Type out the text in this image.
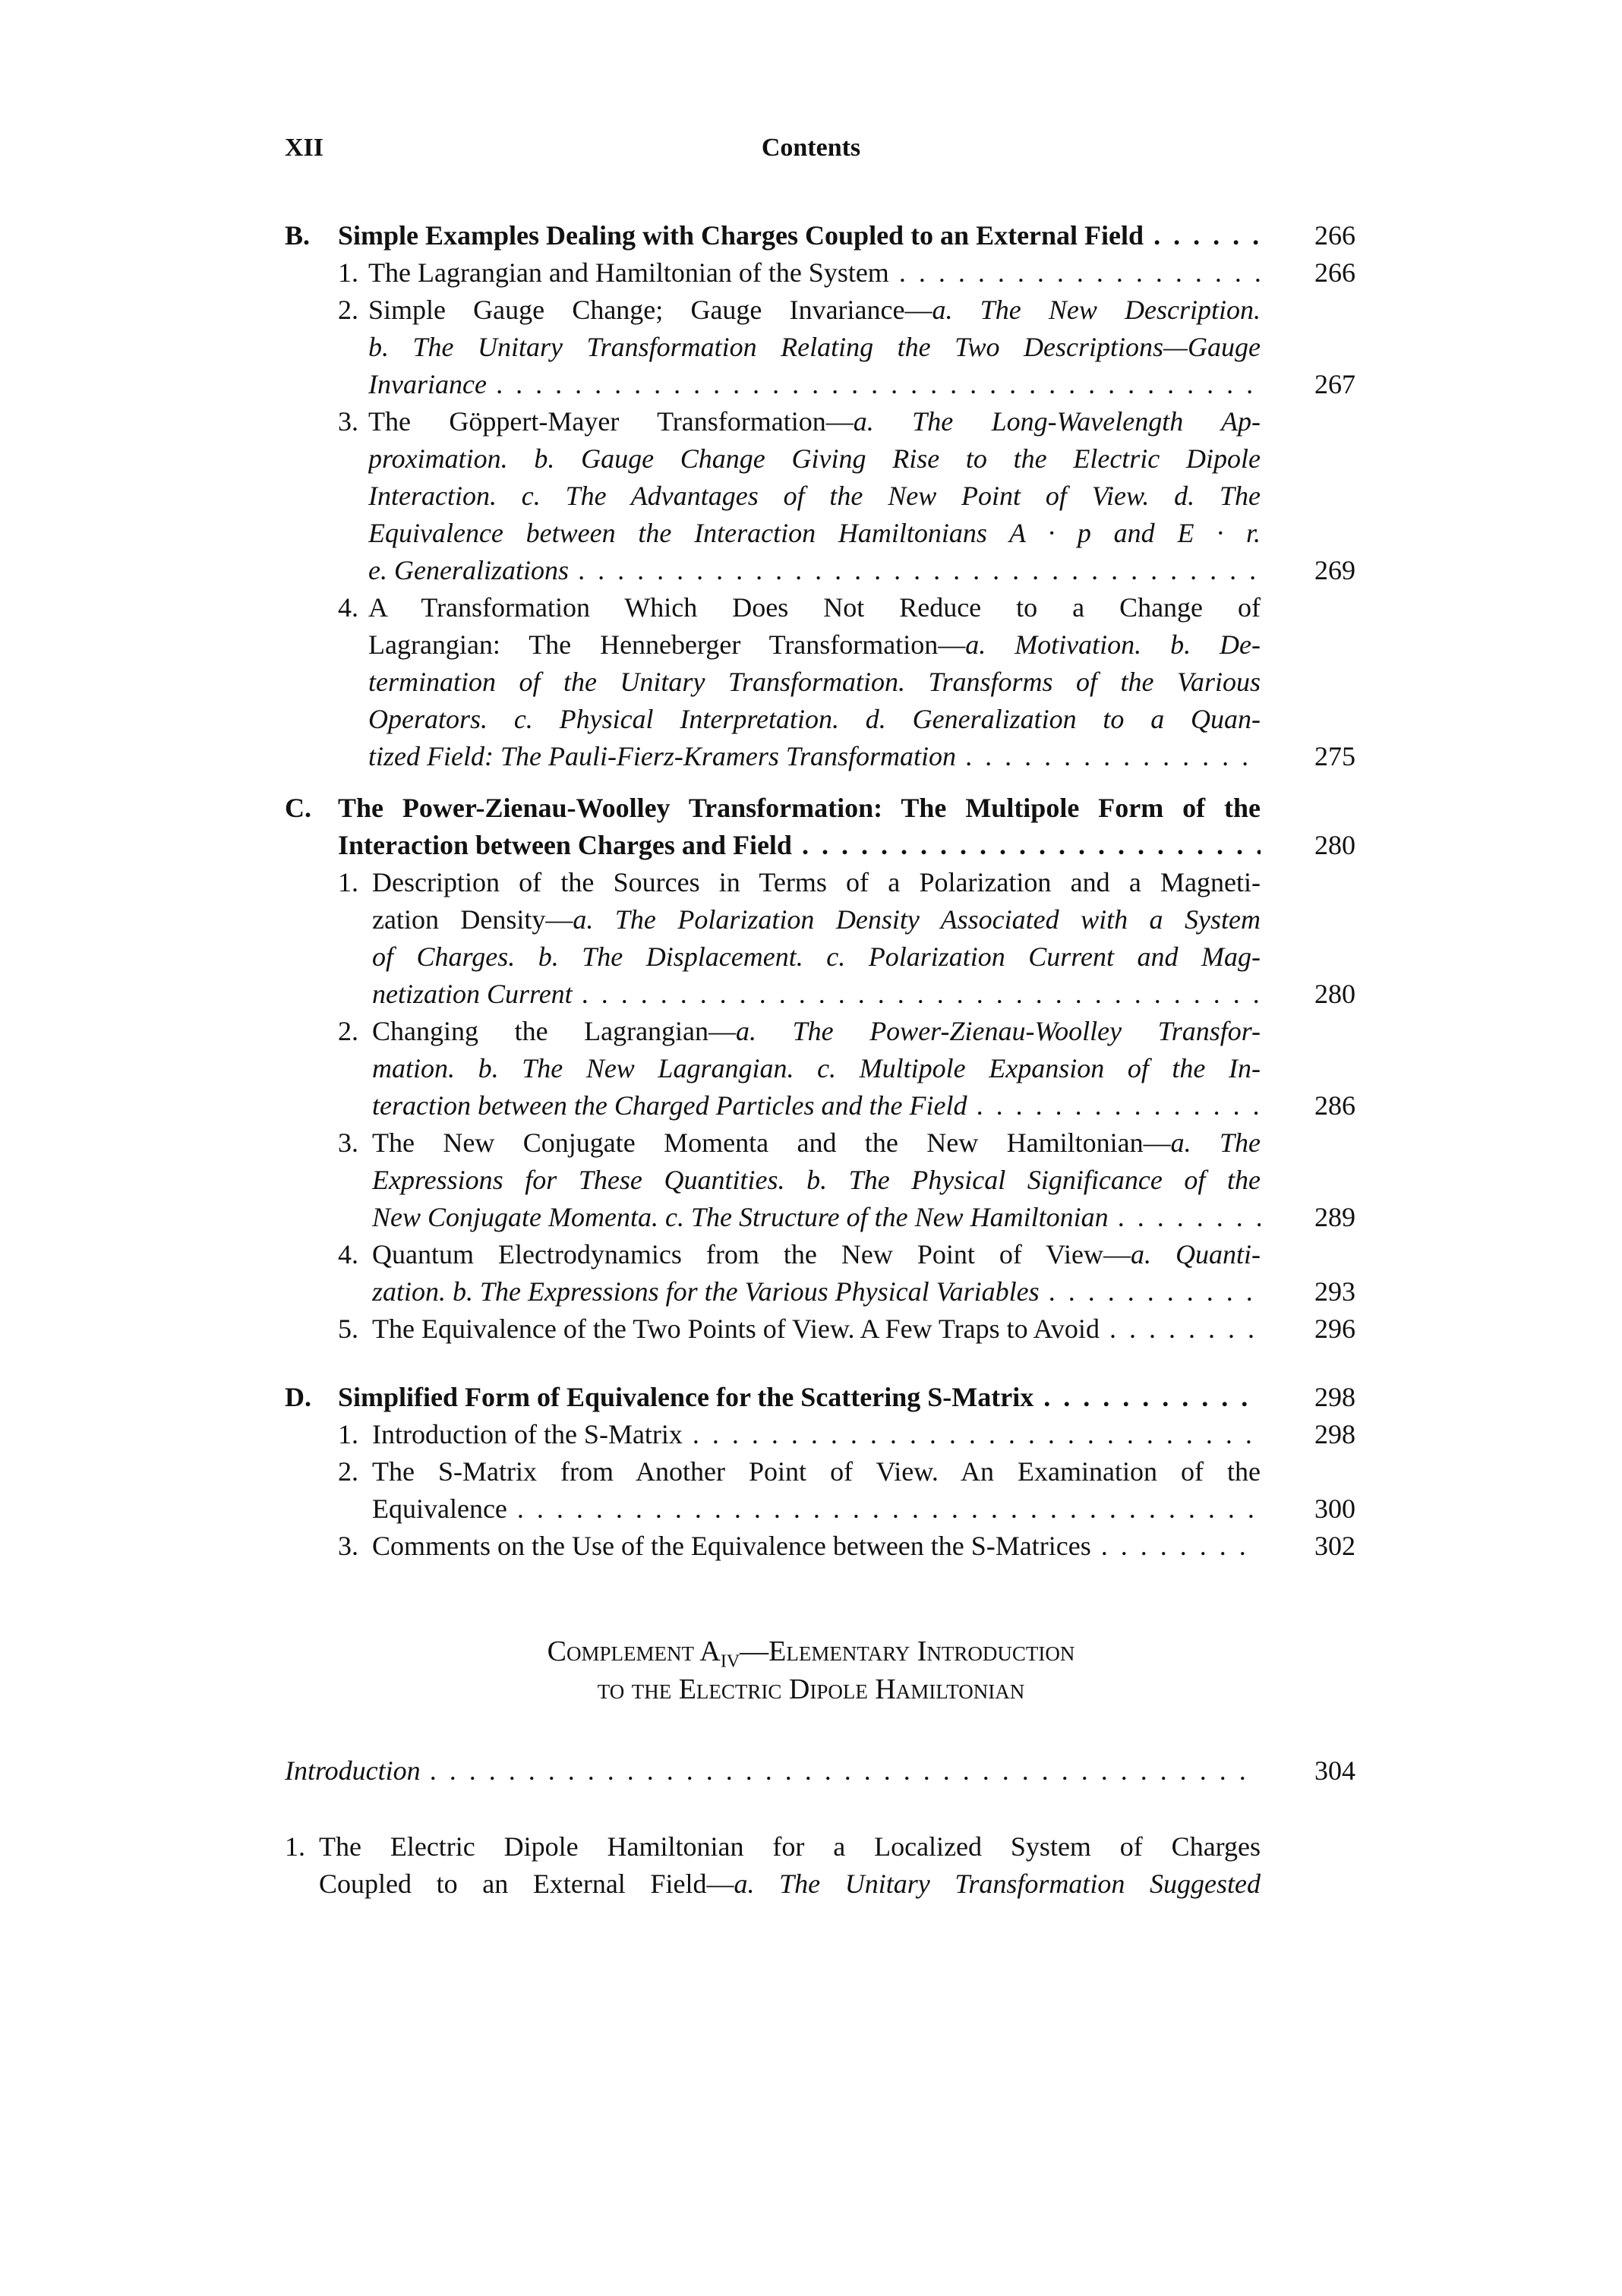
XII	Contents
B. Simple Examples Dealing with Charges Coupled to an External Field . . .	266
1. The Lagrangian and Hamiltonian of the System . . .	266
2. Simple Gauge Change; Gauge Invariance—a. The New Description.
b. The Unitary Transformation Relating the Two Descriptions—Gauge
Invariance . . .	267
3. The Göppert-Mayer Transformation—a. The Long-Wavelength Ap-
proximation. b. Gauge Change Giving Rise to the Electric Dipole
Interaction. c. The Advantages of the New Point of View. d. The
Equivalence between the Interaction Hamiltonians A · p and E · r.
e. Generalizations . . .	269
4. A Transformation Which Does Not Reduce to a Change of
Lagrangian: The Henneberger Transformation—a. Motivation. b. De-
termination of the Unitary Transformation. Transforms of the Various
Operators. c. Physical Interpretation. d. Generalization to a Quan-
tized Field: The Pauli-Fierz-Kramers Transformation . . .	275
C. The Power-Zienau-Woolley Transformation: The Multipole Form of the
Interaction between Charges and Field . . .	280
1. Description of the Sources in Terms of a Polarization and a Magneti-
zation Density—a. The Polarization Density Associated with a System
of Charges. b. The Displacement. c. Polarization Current and Mag-
netization Current . . .	280
2. Changing the Lagrangian—a. The Power-Zienau-Woolley Transfor-
mation. b. The New Lagrangian. c. Multipole Expansion of the In-
teraction between the Charged Particles and the Field . . .	286
3. The New Conjugate Momenta and the New Hamiltonian—a. The
Expressions for These Quantities. b. The Physical Significance of the
New Conjugate Momenta. c. The Structure of the New Hamiltonian . . .	289
4. Quantum Electrodynamics from the New Point of View—a. Quanti-
zation. b. The Expressions for the Various Physical Variables . . .	293
5. The Equivalence of the Two Points of View. A Few Traps to Avoid . . .	296
D. Simplified Form of Equivalence for the Scattering S-Matrix . . .	298
1. Introduction of the S-Matrix . . .	298
2. The S-Matrix from Another Point of View. An Examination of the
Equivalence . . .	300
3. Comments on the Use of the Equivalence between the S-Matrices . . .	302
Complement $A_{IV}—Elementary$ Introduction
to the Electric Dipole Hamiltonian
Introduction . . .	304
1. The Electric Dipole Hamiltonian for a Localized System of Charges
Coupled to an External Field—a. The Unitary Transformation Suggested
